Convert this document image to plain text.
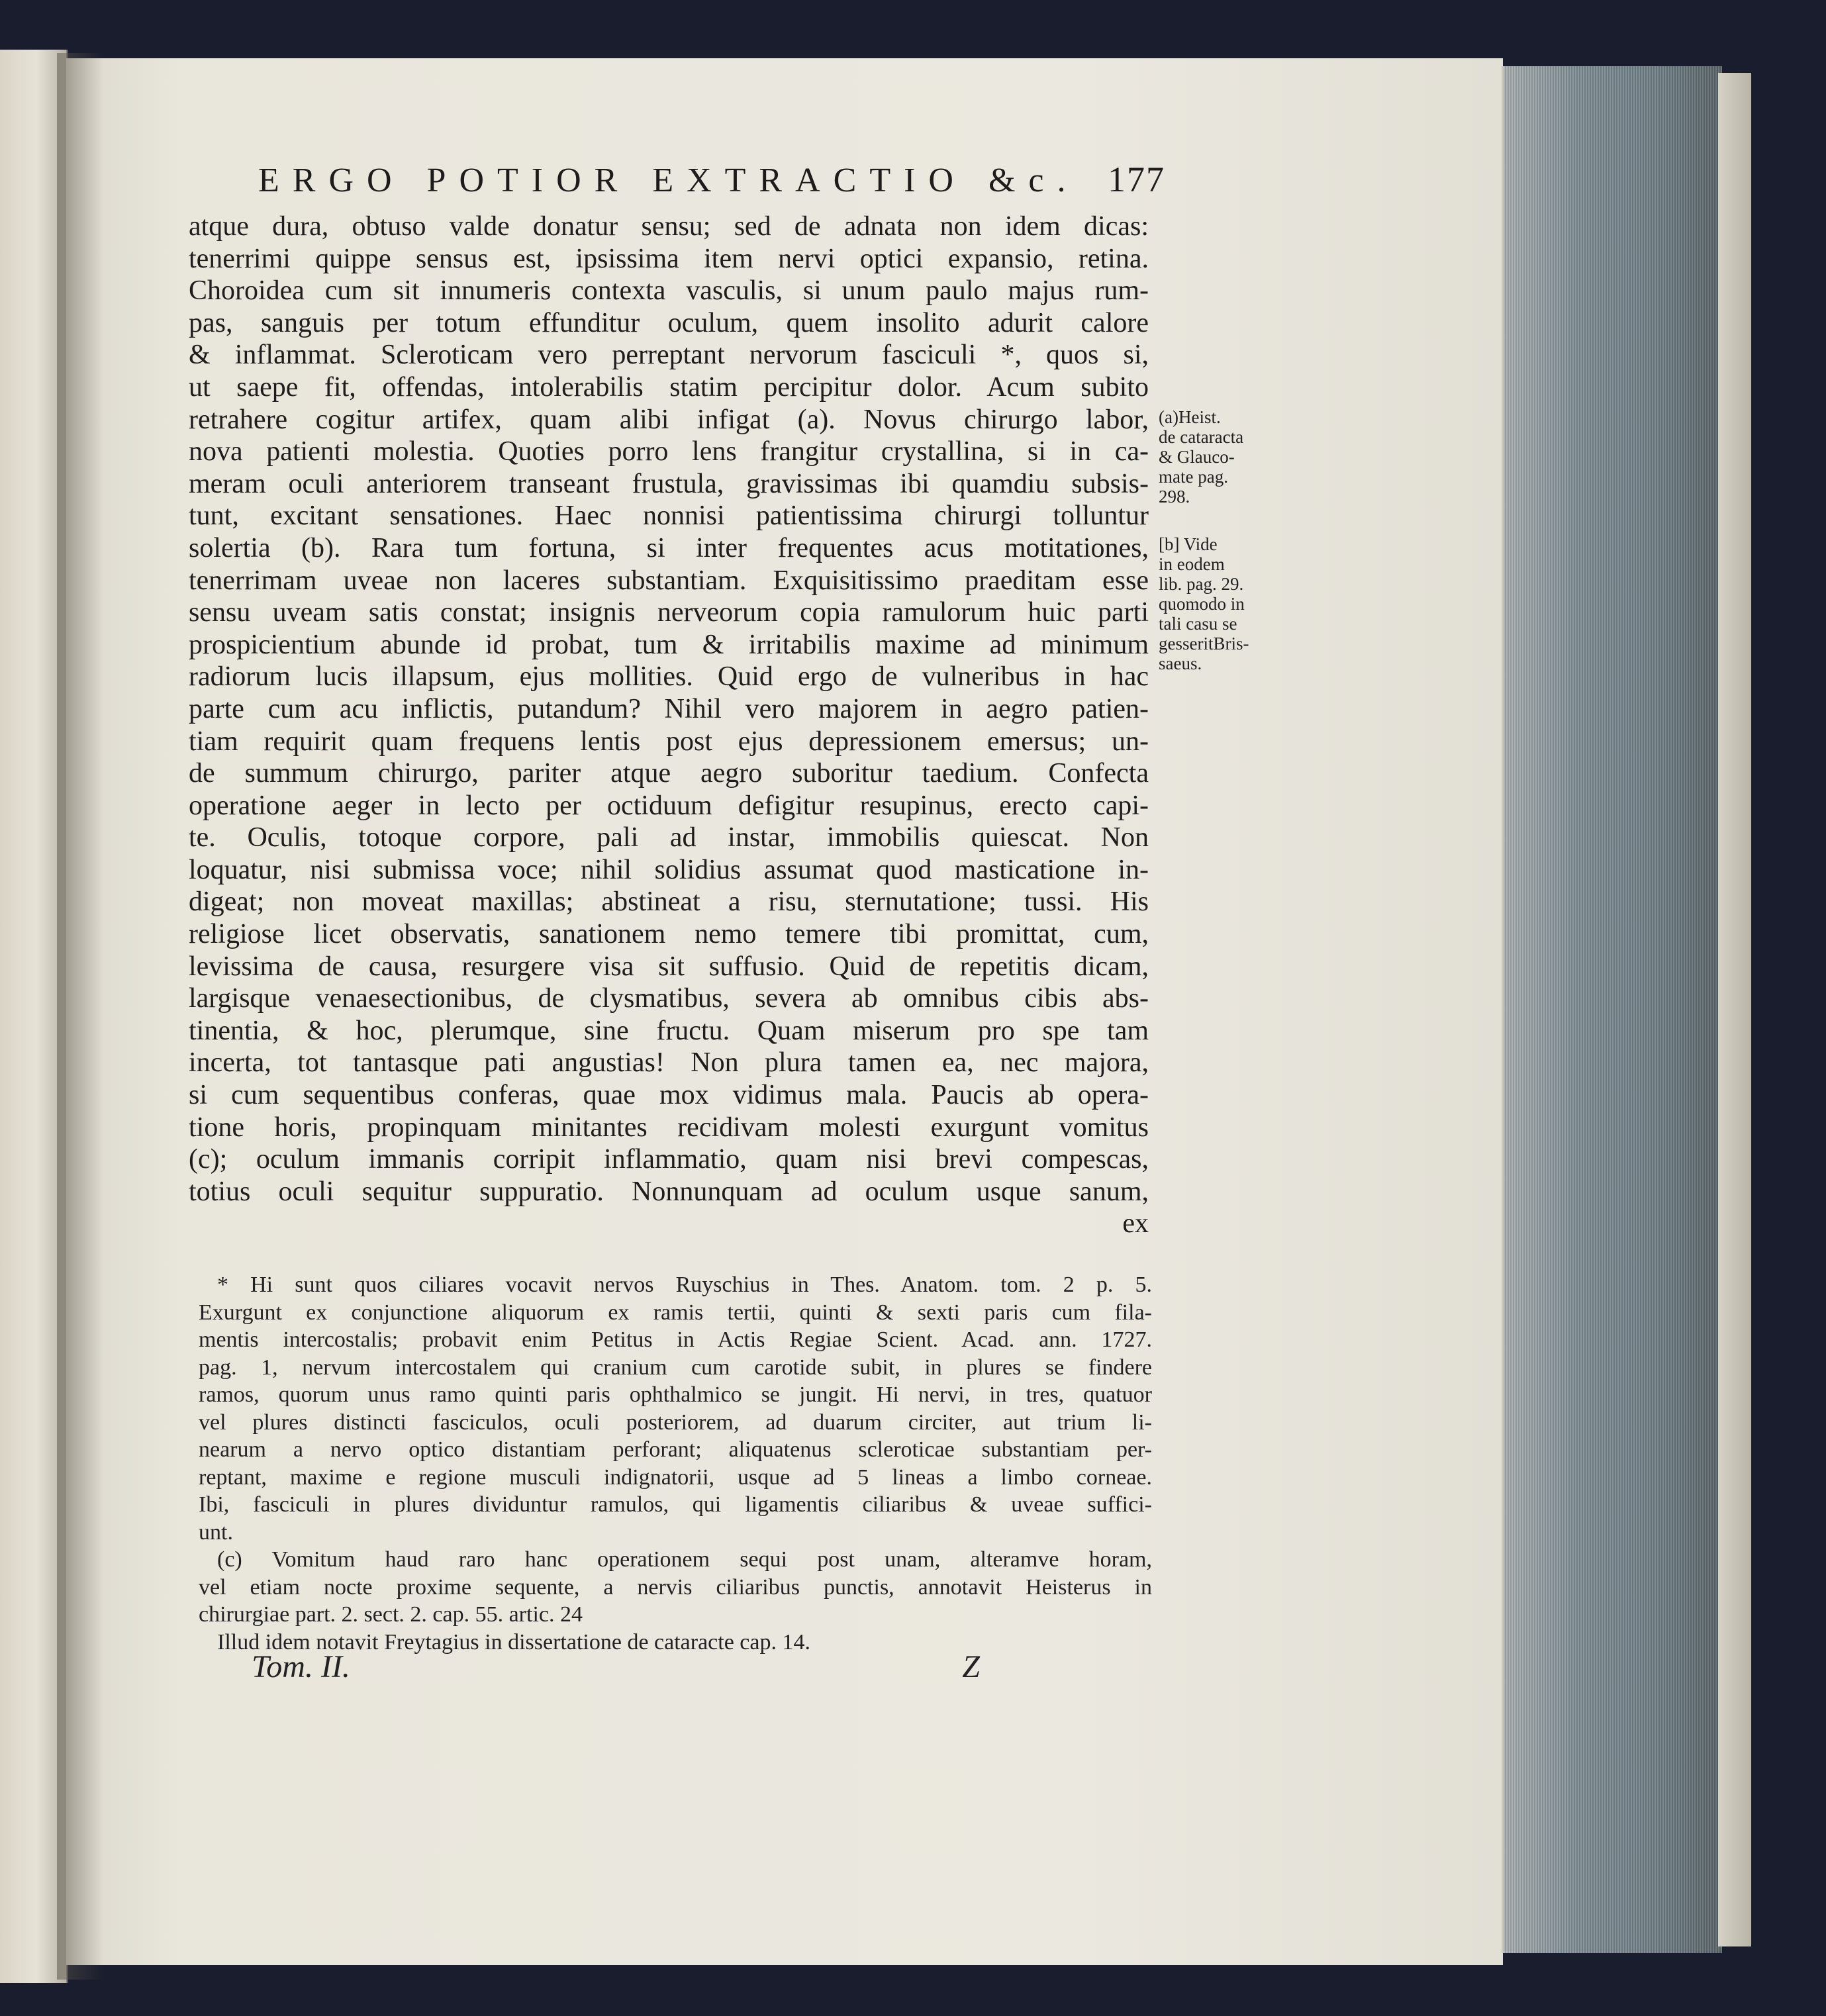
ERGO POTIOR EXTRACTIO &c. 177
atque dura, obtuso valde donatur sensu; sed de adnata non idem dicas:
tenerrimi quippe sensus est, ipsissima item nervi optici expansio, retina.
Choroidea cum sit innumeris contexta vasculis, si unum paulo majus rum-
pas, sanguis per totum effunditur oculum, quem insolito adurit calore
& inflammat. Scleroticam vero perreptant nervorum fasciculi *, quos si,
ut saepe fit, offendas, intolerabilis statim percipitur dolor. Acum subito
retrahere cogitur artifex, quam alibi infigat (a). Novus chirurgo labor,
nova patienti molestia. Quoties porro lens frangitur crystallina, si in ca-
meram oculi anteriorem transeant frustula, gravissimas ibi quamdiu subsis-
tunt, excitant sensationes. Haec nonnisi patientissima chirurgi tolluntur
solertia (b). Rara tum fortuna, si inter frequentes acus motitationes,
tenerrimam uveae non laceres substantiam. Exquisitissimo praeditam esse
sensu uveam satis constat; insignis nerveorum copia ramulorum huic parti
prospicientium abunde id probat, tum & irritabilis maxime ad minimum
radiorum lucis illapsum, ejus mollities. Quid ergo de vulneribus in hac
parte cum acu inflictis, putandum? Nihil vero majorem in aegro patien-
tiam requirit quam frequens lentis post ejus depressionem emersus; un-
de summum chirurgo, pariter atque aegro suboritur taedium. Confecta
operatione aeger in lecto per octiduum defigitur resupinus, erecto capi-
te. Oculis, totoque corpore, pali ad instar, immobilis quiescat. Non
loquatur, nisi submissa voce; nihil solidius assumat quod masticatione in-
digeat; non moveat maxillas; abstineat a risu, sternutatione; tussi. His
religiose licet observatis, sanationem nemo temere tibi promittat, cum,
levissima de causa, resurgere visa sit suffusio. Quid de repetitis dicam,
largisque venaesectionibus, de clysmatibus, severa ab omnibus cibis abs-
tinentia, & hoc, plerumque, sine fructu. Quam miserum pro spe tam
incerta, tot tantasque pati angustias! Non plura tamen ea, nec majora,
si cum sequentibus conferas, quae mox vidimus mala. Paucis ab opera-
tione horis, propinquam minitantes recidivam molesti exurgunt vomitus
(c); oculum immanis corripit inflammatio, quam nisi brevi compescas,
totius oculi sequitur suppuratio. Nonnunquam ad oculum usque sanum,
ex
* Hi sunt quos ciliares vocavit nervos Ruyschius in Thes. Anatom. tom. 2 p. 5.
Exurgunt ex conjunctione aliquorum ex ramis tertii, quinti & sexti paris cum fila-
mentis intercostalis; probavit enim Petitus in Actis Regiae Scient. Acad. ann. 1727.
pag. 1, nervum intercostalem qui cranium cum carotide subit, in plures se findere
ramos, quorum unus ramo quinti paris ophthalmico se jungit. Hi nervi, in tres, quatuor
vel plures distincti fasciculos, oculi posteriorem, ad duarum circiter, aut trium li-
nearum a nervo optico distantiam perforant; aliquatenus scleroticae substantiam per-
reptant, maxime e regione musculi indignatorii, usque ad 5 lineas a limbo corneae.
Ibi, fasciculi in plures dividuntur ramulos, qui ligamentis ciliaribus & uveae suffici-
unt.
(c) Vomitum haud raro hanc operationem sequi post unam, alteramve horam,
vel etiam nocte proxime sequente, a nervis ciliaribus punctis, annotavit Heisterus in
chirurgiae part. 2. sect. 2. cap. 55. artic. 24
Illud idem notavit Freytagius in dissertatione de cataracte cap. 14.
Tom. II.	Z
(a)Heist.
de cataracta
& Glauco-
mate pag.
298.
[b] Vide
in eodem
lib. pag. 29.
quomodo in
tali casu se
gesseritBris-
saeus.
